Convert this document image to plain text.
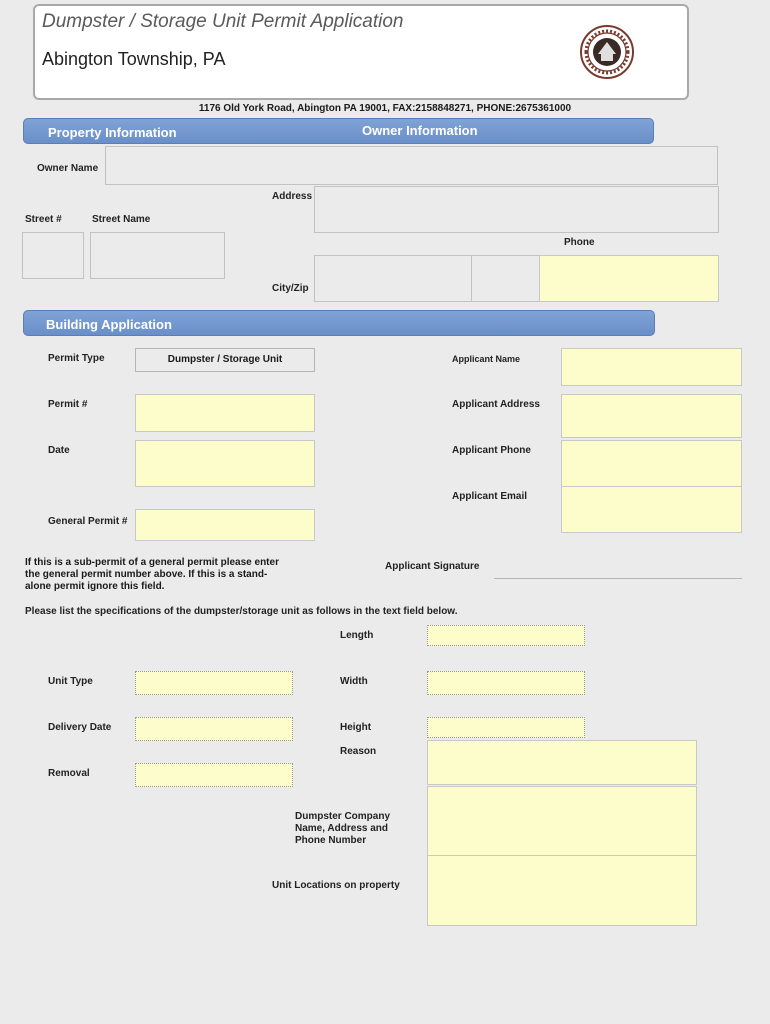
Dumpster / Storage Unit Permit Application
Abington Township, PA
1176 Old York Road, Abington PA 19001, FAX:2158848271, PHONE:2675361000
Property Information	Owner Information
Owner Name
Address
Street #	Street Name
Phone
City/Zip
Building Application
Permit Type	Dumpster / Storage Unit
Permit #
Date
General Permit #
Applicant Name
Applicant Address
Applicant Phone
Applicant Email
If this is a sub-permit of a general permit please enter the general permit number above. If this is a stand-alone permit ignore this field.
Applicant Signature
Please list the specifications of the dumpster/storage unit as follows in the text field below.
Length
Unit Type	Width
Delivery Date	Height
Reason
Removal
Dumpster Company Name, Address and Phone Number
Unit Locations on property
